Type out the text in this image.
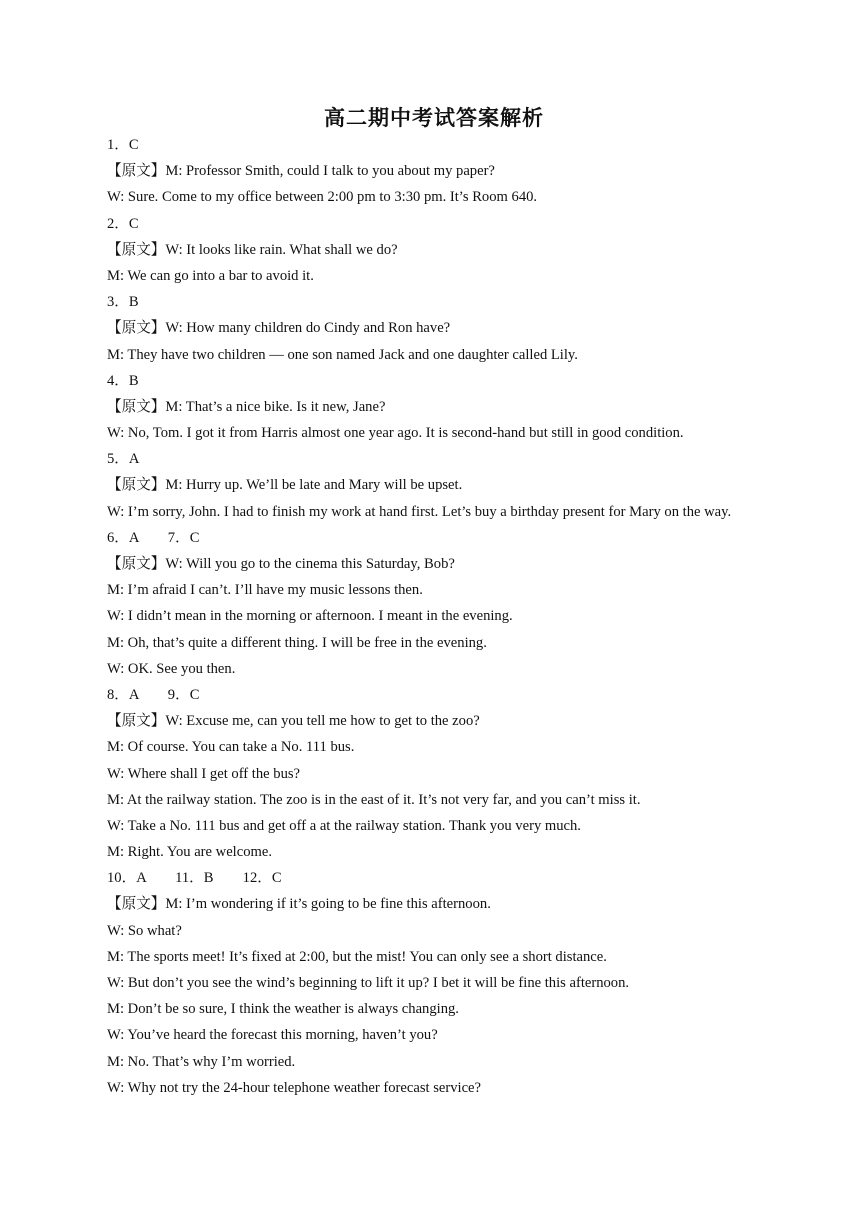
高二期中考试答案解析
1．C
【原文】M: Professor Smith, could I talk to you about my paper?
W: Sure. Come to my office between 2:00 pm to 3:30 pm. It’s Room 640.
2．C
【原文】W: It looks like rain. What shall we do?
M: We can go into a bar to avoid it.
3．B
【原文】W: How many children do Cindy and Ron have?
M: They have two children — one son named Jack and one daughter called Lily.
4．B
【原文】M: That’s a nice bike. Is it new, Jane?
W: No, Tom. I got it from Harris almost one year ago. It is second-hand but still in good condition.
5．A
【原文】M: Hurry up. We’ll be late and Mary will be upset.
W: I’m sorry, John. I had to finish my work at hand first. Let’s buy a birthday present for Mary on the way.
6．A　　7．C
【原文】W: Will you go to the cinema this Saturday, Bob?
M: I’m afraid I can’t. I’ll have my music lessons then.
W: I didn’t mean in the morning or afternoon. I meant in the evening.
M: Oh, that’s quite a different thing. I will be free in the evening.
W: OK. See you then.
8．A　　9．C
【原文】W: Excuse me, can you tell me how to get to the zoo?
M: Of course. You can take a No. 111 bus.
W: Where shall I get off the bus?
M: At the railway station. The zoo is in the east of it. It’s not very far, and you can’t miss it.
W: Take a No. 111 bus and get off a at the railway station. Thank you very much.
M: Right. You are welcome.
10．A　　11．B　　12．C
【原文】M: I’m wondering if it’s going to be fine this afternoon.
W: So what?
M: The sports meet! It’s fixed at 2:00, but the mist! You can only see a short distance.
W: But don’t you see the wind’s beginning to lift it up? I bet it will be fine this afternoon.
M: Don’t be so sure, I think the weather is always changing.
W: You’ve heard the forecast this morning, haven’t you?
M: No. That’s why I’m worried.
W: Why not try the 24-hour telephone weather forecast service?
